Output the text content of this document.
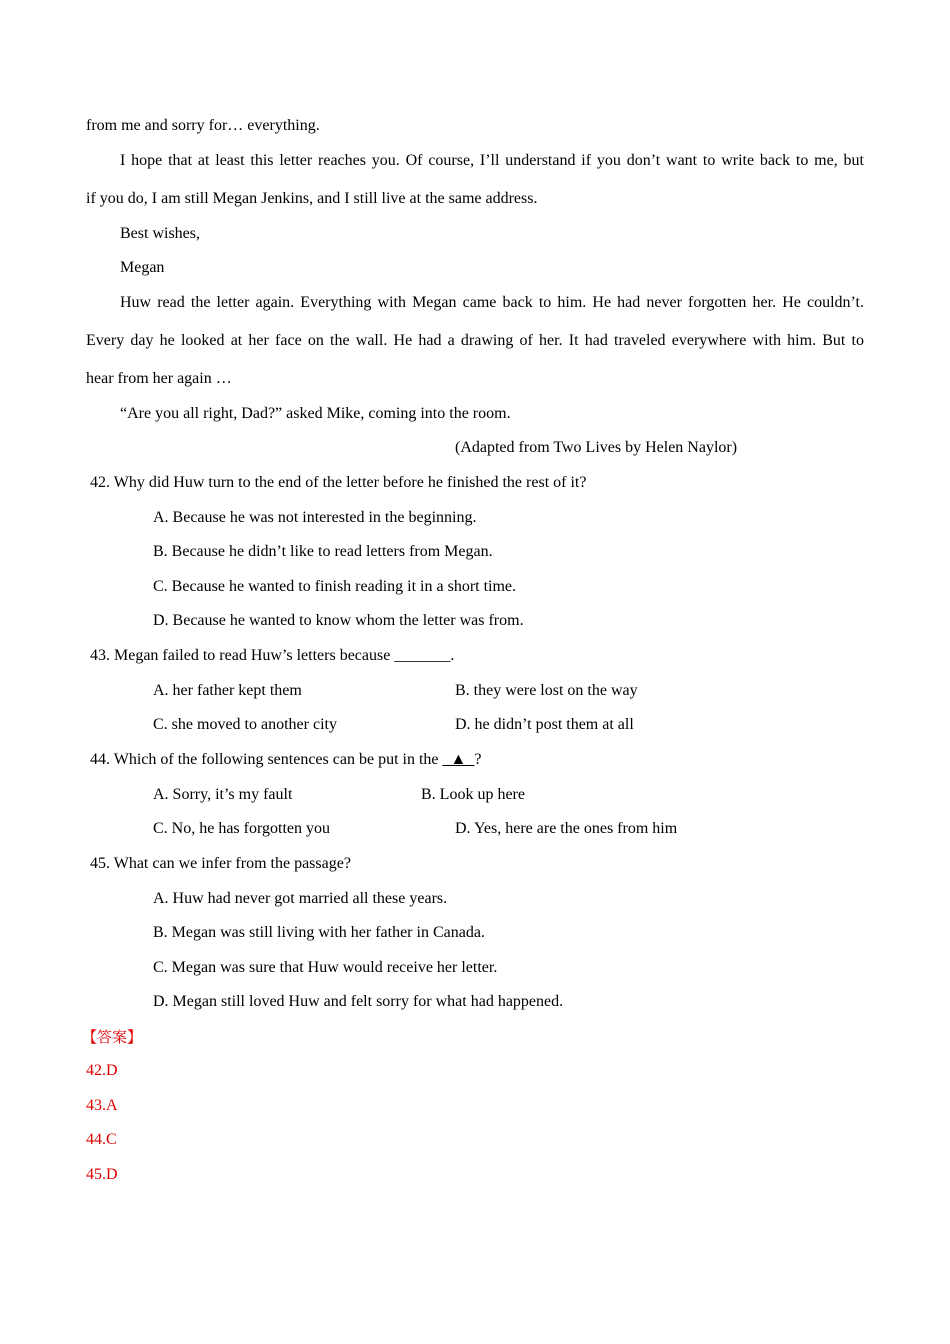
from me and sorry for… everything.
I hope that at least this letter reaches you. Of course, I’ll understand if you don’t want to write back to me, but
if you do, I am still Megan Jenkins, and I still live at the same address.
Best wishes,
Megan
Huw read the letter again. Everything with Megan came back to him. He had never forgotten her. He couldn’t.
Every day he looked at her face on the wall. He had a drawing of her. It had traveled everywhere with him. But to
hear from her again …
“Are you all right, Dad?” asked Mike, coming into the room.
(Adapted from Two Lives by Helen Naylor)
42. Why did Huw turn to the end of the letter before he finished the rest of it?
A. Because he was not interested in the beginning.
B. Because he didn’t like to read letters from Megan.
C. Because he wanted to finish reading it in a short time.
D. Because he wanted to know whom the letter was from.
43. Megan failed to read Huw’s letters because _______.
A. her father kept them	B. they were lost on the way
C. she moved to another city	D. he didn’t post them at all
44. Which of the following sentences can be put in the _▲_?
A. Sorry, it’s my fault	B. Look up here
C. No, he has forgotten you	D. Yes, here are the ones from him
45. What can we infer from the passage?
A. Huw had never got married all these years.
B. Megan was still living with her father in Canada.
C. Megan was sure that Huw would receive her letter.
D. Megan still loved Huw and felt sorry for what had happened.
【答案】
42.D
43.A
44.C
45.D
